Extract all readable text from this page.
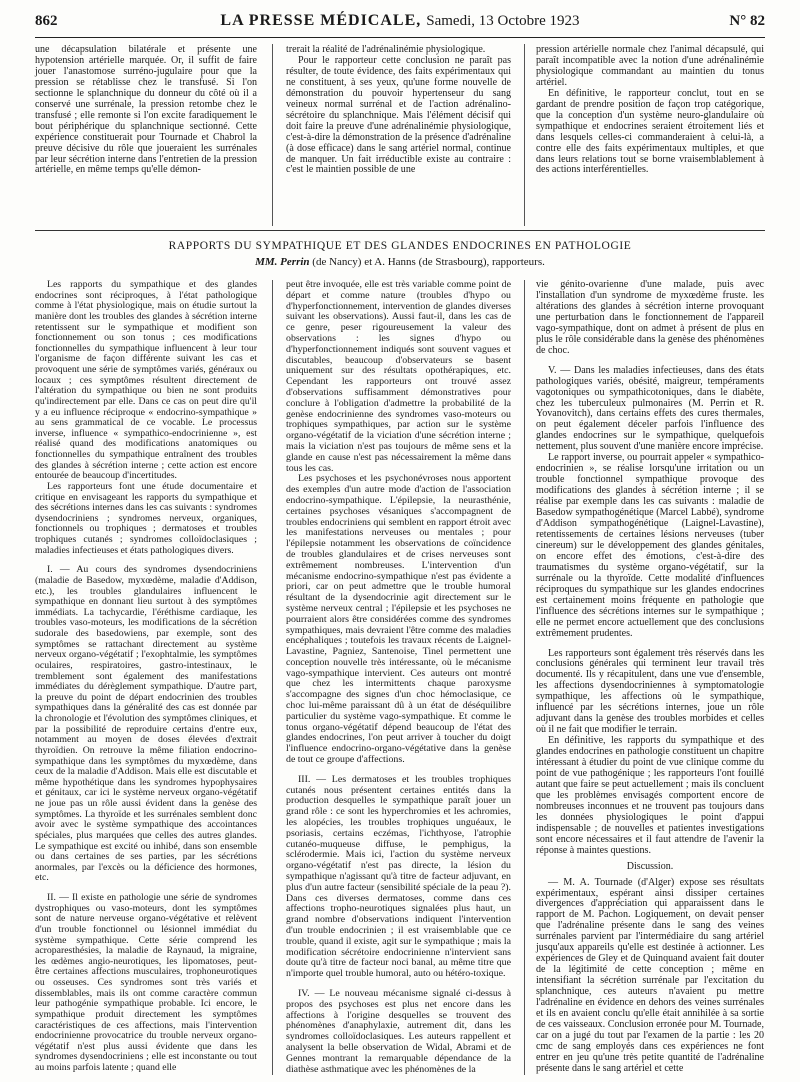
862	LA PRESSE MÉDICALE, Samedi, 13 Octobre 1923	N° 82

une décapsulation bilatérale et présente une hypotension artérielle marquée. Or, il suffit de faire jouer l'anastomose surréno-jugulaire pour que la pression se rétablisse chez le transfusé. Si l'on sectionne le splanchnique du donneur du côté où il a conservé une surrénale, la pression retombe chez le transfusé ; elle remonte si l'on excite faradiquement le bout périphérique du splanchnique sectionné. Cette expérience constituerait pour Tournade et Chabrol la preuve décisive du rôle que joueraient les surrénales par leur sécrétion interne dans l'entretien de la pression artérielle, en même temps qu'elle démon-

trerait la réalité de l'adrénalinémie physiologique.

Pour le rapporteur cette conclusion ne paraît pas résulter, de toute évidence, des faits expérimentaux qui ne constituent, à ses yeux, qu'une forme nouvelle de démonstration du pouvoir hypertenseur du sang veineux normal surrénal et de l'action adrénalino-sécrétoire du splanchnique. Mais l'élément décisif qui doit faire la preuve d'une adrénalinémie physiologique, c'est-à-dire la démonstration de la présence d'adrénaline (à dose efficace) dans le sang artériel normal, continue de manquer. Un fait irréductible existe au contraire : c'est le maintien possible de une

pression artérielle normale chez l'animal décapsulé, qui paraît incompatible avec la notion d'une adrénalinémie physiologique commandant au maintien du tonus artériel.

En définitive, le rapporteur conclut, tout en se gardant de prendre position de façon trop catégorique, que la conception d'un système neuro-glandulaire où sympathique et endocrines seraient étroitement liés et dans lesquels celles-ci commanderaient à celui-là, a contre elle des faits expérimentaux multiples, et que dans leurs relations tout se borne vraisemblablement à des actions interférentielles.

RAPPORTS DU SYMPATHIQUE ET DES GLANDES ENDOCRINES EN PATHOLOGIE
MM. Perrin (de Nancy) et A. Hanns (de Strasbourg), rapporteurs.

Les rapports du sympathique et des glandes endocrines sont réciproques, à l'état pathologique comme à l'état physiologique, mais on étudie surtout la manière dont les troubles des glandes à sécrétion interne retentissent sur le sympathique et modifient son fonctionnement ou son tonus ; ces modifications fonctionnelles du sympathique influencent à leur tour l'organisme de façon différente suivant les cas et provoquent une série de symptômes variés, généraux ou locaux ; ces symptômes résultent directement de l'altération du sympathique ou bien ne sont produits qu'indirectement par elle. Dans ce cas on peut dire qu'il y a eu influence réciproque « endocrino-sympathique » au sens grammatical de ce vocable. Le processus inverse, influence « sympathico-endocrinienne », est réalisé quand des modifications anatomiques ou fonctionnelles du sympathique entraînent des troubles des glandes à sécrétion interne ; cette action est encore entourée de beaucoup d'incertitudes.

Les rapporteurs font une étude documentaire et critique en envisageant les rapports du sympathique et des sécrétions internes dans les cas suivants : syndromes dysendocriniens ; syndromes nerveux, organiques, fonctionnels ou trophiques ; dermatoses et troubles trophiques cutanés ; syndromes colloïdoclasiques ; maladies infectieuses et états pathologiques divers.

I. — Au cours des syndromes dysendocriniens (maladie de Basedow, myxœdème, maladie d'Addison, etc.), les troubles glandulaires influencent le sympathique en donnant lieu surtout à des symptômes immédiats. La tachycardie, l'éréthisme cardiaque, les troubles vaso-moteurs, les modifications de la sécrétion sudorale des basedowiens, par exemple, sont des symptômes se rattachant directement au système nerveux organo-végétatif ; l'exophtalmie, les symptômes oculaires, respiratoires, gastro-intestinaux, le tremblement sont également des manifestations immédiates du dérèglement sympathique. D'autre part, la preuve du point de départ endocrinien des troubles sympathiques dans la généralité des cas est donnée par la chronologie et l'évolution des symptômes cliniques, et par la possibilité de reproduire certains d'entre eux, notamment au moyen de doses élevées d'extrait thyroïdien. On retrouve la même filiation endocrino-sympathique dans les symptômes du myxœdème, dans ceux de la maladie d'Addison. Mais elle est discutable et même hypothétique dans les syndromes hypophysaires et génitaux, car ici le système nerveux organo-végétatif ne joue pas un rôle aussi évident dans la genèse des symptômes. La thyroïde et les surrénales semblent donc avoir avec le système sympathique des accointances spéciales, plus marquées que celles des autres glandes. Le sympathique est excité ou inhibé, dans son ensemble ou dans certaines de ses parties, par les sécrétions anormales, par l'excès ou la déficience des hormones, etc.

II. — Il existe en pathologie une série de syndromes dystrophiques ou vaso-moteurs, dont les symptômes sont de nature nerveuse organo-végétative et relèvent d'un trouble fonctionnel ou lésionnel immédiat du système sympathique. Cette série comprend les acroparesthésies, la maladie de Raynaud, la migraine, les œdèmes angio-neurotiques, les lipomatoses, peut-être certaines affections musculaires, trophoneurotiques ou osseuses. Ces syndromes sont très variés et dissemblables, mais ils ont comme caractère commun leur pathogénie sympathique probable. Ici encore, le sympathique produit directement les symptômes caractéristiques de ces affections, mais l'intervention endocrinienne provocatrice du trouble nerveux organo-végétatif n'est plus aussi évidente que dans les syndromes dysendocriniens ; elle est inconstante ou tout au moins parfois latente ; quand elle

peut être invoquée, elle est très variable comme point de départ et comme nature (troubles d'hypo ou d'hyperfonctionnement, intervention de glandes diverses suivant les observations). Aussi faut-il, dans les cas de ce genre, peser rigoureusement la valeur des observations : les signes d'hypo ou d'hyperfonctionnement indiqués sont souvent vagues et discutables, beaucoup d'observateurs se basent uniquement sur des résultats opothérapiques, etc. Cependant les rapporteurs ont trouvé assez d'observations suffisamment démonstratives pour conclure à l'obligation d'admettre la probabilité de la genèse endocrinienne des syndromes vaso-moteurs ou trophiques sympathiques, par action sur le système organo-végétatif de la viciation d'une sécrétion interne ; mais la viciation n'est pas toujours de même sens et la glande en cause n'est pas nécessairement la même dans tous les cas.

Les psychoses et les psychonévroses nous apportent des exemples d'un autre mode d'action de l'association endocrino-sympathique. L'épilepsie, la neurasthénie, certaines psychoses vésaniques s'accompagnent de troubles endocriniens qui semblent en rapport étroit avec les manifestations nerveuses ou mentales ; pour l'épilepsie notamment les observations de coïncidence de troubles glandulaires et de crises nerveuses sont extrêmement nombreuses. L'intervention d'un mécanisme endocrino-sympathique n'est pas évidente a priori, car on peut admettre que le trouble humoral résultant de la dysendocrinie agit directement sur le système nerveux central ; l'épilepsie et les psychoses ne pourraient alors être considérées comme des syndromes sympathiques, mais devraient l'être comme des maladies encéphaliques ; toutefois les travaux récents de Laignel-Lavastine, Pagniez, Santenoise, Tinel permettent une conception nouvelle très intéressante, où le mécanisme vago-sympathique intervient. Ces auteurs ont montré que chez les intermittents chaque paroxysme s'accompagne des signes d'un choc hémoclasique, ce choc lui-même paraissant dû à un état de déséquilibre particulier du système vago-sympathique. Et comme le tonus organo-végétatif dépend beaucoup de l'état des glandes endocrines, l'on peut arriver à toucher du doigt l'influence endocrino-organo-végétative dans la genèse de tout ce groupe d'affections.

III. — Les dermatoses et les troubles trophiques cutanés nous présentent certaines entités dans la production desquelles le sympathique paraît jouer un grand rôle : ce sont les hyperchromies et les achromies, les alopécies, les troubles trophiques unguéaux, le psoriasis, certains eczémas, l'ichthyose, l'atrophie cutanéo-muqueuse diffuse, le pemphigus, la sclérodermie. Mais ici, l'action du système nerveux organo-végétatif n'est pas directe, la lésion du sympathique n'agissant qu'à titre de facteur adjuvant, en plus d'un autre facteur (sensibilité spéciale de la peau ?). Dans ces diverses dermatoses, comme dans ces affections tropho-neurotiques signalées plus haut, un grand nombre d'observations indiquent l'intervention d'un trouble endocrinien ; il est vraisemblable que ce trouble, quand il existe, agit sur le sympathique ; mais la modification sécrétoire endocrinienne n'intervient sans doute qu'à titre de facteur noci banal, au même titre que n'importe quel trouble humoral, auto ou hétéro-toxique.

IV. — Le nouveau mécanisme signalé ci-dessus à propos des psychoses est plus net encore dans les affections à l'origine desquelles se trouvent des phénomènes d'anaphylaxie, autrement dit, dans les syndromes colloïdoclasiques. Les auteurs rappellent et analysent la belle observation de Widal, Abrami et de Gennes montrant la remarquable dépendance de la diathèse asthmatique avec les phénomènes de la

vie génito-ovarienne d'une malade, puis avec l'installation d'un syndrome de myxœdème fruste. les altérations des glandes à sécrétion interne provoquant une perturbation dans le fonctionnement de l'appareil vago-sympathique, dont on admet à présent de plus en plus le rôle considérable dans la genèse des phénomènes de choc.

V. — Dans les maladies infectieuses, dans des états pathologiques variés, obésité, maigreur, tempéraments vagotoniques ou sympathicotoniques, dans le diabète, chez les tuberculeux pulmonaires (M. Perrin et R. Yovanovitch), dans certains effets des cures thermales, on peut également déceler parfois l'influence des glandes endocrines sur le sympathique, quelquefois nettement, plus souvent d'une manière encore imprécise.

Le rapport inverse, ou pourrait appeler « sympathico-endocrinien », se réalise lorsqu'une irritation ou un trouble fonctionnel sympathique provoque des modifications des glandes à sécrétion interne ; il se réalise par exemple dans les cas suivants : maladie de Basedow sympathogénétique (Marcel Labbé), syndrome d'Addison sympathogénétique (Laignel-Lavastine), retentissements de certaines lésions nerveuses (tuber cinereum) sur le développement des glandes génitales, on encore effet des émotions, c'est-à-dire des traumatismes du système organo-végétatif, sur la surrénale ou la thyroïde. Cette modalité d'influences réciproques du sympathique sur les glandes endocrines est certainement moins fréquente en pathologie que l'influence des sécrétions internes sur le sympathique ; elle ne permet encore actuellement que des conclusions extrêmement prudentes.

Les rapporteurs sont également très réservés dans les conclusions générales qui terminent leur travail très documenté. Ils y récapitulent, dans une vue d'ensemble, les affections dysendocriniennes à symptomatologie sympathique, les affections où le sympathique, influencé par les sécrétions internes, joue un rôle adjuvant dans la genèse des troubles morbides et celles où il ne fait que modifier le terrain.

En définitive, les rapports du sympathique et des glandes endocrines en pathologie constituent un chapitre intéressant à étudier du point de vue clinique comme du point de vue pathogénique ; les rapporteurs l'ont fouillé autant que faire se peut actuellement ; mais ils concluent que les problèmes envisagés comportent encore de nombreuses inconnues et ne trouvent pas toujours dans les données physiologiques le point d'appui indispensable ; de nouvelles et patientes investigations sont encore nécessaires et il faut attendre de l'avenir la réponse à maintes questions.

Discussion.

— M. A. Tournade (d'Alger) expose ses résultats expérimentaux, espérant ainsi dissiper certaines divergences d'appréciation qui apparaissent dans le rapport de M. Pachon. Logiquement, on devait penser que l'adrénaline présente dans le sang des veines surrénales parvient par l'intermédiaire du sang artériel jusqu'aux appareils qu'elle est destinée à actionner. Les expériences de Gley et de Quinquand avaient fait douter de la légitimité de cette conception ; même en intensifiant la sécrétion surrénale par l'excitation du splanchnique, ces auteurs n'avaient pu mettre l'adrénaline en évidence en dehors des veines surrénales et ils en avaient conclu qu'elle était annihilée à sa sortie de ces vaisseaux. Conclusion erronée pour M. Tournade, car on a jugé du tout par l'examen de la partie : les 20 cmc de sang employés dans ces expériences ne font entrer en jeu qu'une très petite quantité de l'adrénaline présente dans le sang artériel et cette
